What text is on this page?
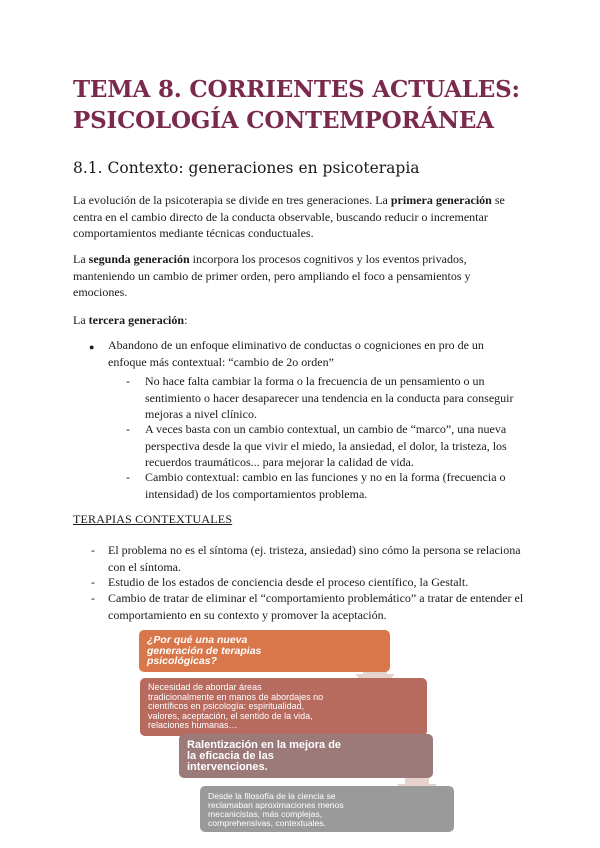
TEMA 8. CORRIENTES ACTUALES:
PSICOLOGÍA CONTEMPORÁNEA
8.1. Contexto: generaciones en psicoterapia

La evolución de la psicoterapia se divide en tres generaciones. La primera generación se
centra en el cambio directo de la conducta observable, buscando reducir o incrementar
comportamientos mediante técnicas conductuales.

La segunda generación incorpora los procesos cognitivos y los eventos privados,
manteniendo un cambio de primer orden, pero ampliando el foco a pensamientos y
emociones.

La tercera generación:

● Abandono de un enfoque eliminativo de conductas o cogniciones en pro de un
enfoque más contextual: “cambio de 2o orden”

- No hace falta cambiar la forma o la frecuencia de un pensamiento o un
sentimiento o hacer desaparecer una tendencia en la conducta para conseguir
mejoras a nivel clínico.

- A veces basta con un cambio contextual, un cambio de “marco”, una nueva
perspectiva desde la que vivir el miedo, la ansiedad, el dolor, la tristeza, los
recuerdos traumáticos... para mejorar la calidad de vida.

- Cambio contextual: cambio en las funciones y no en la forma (frecuencia o
intensidad) de los comportamientos problema.

TERAPIAS CONTEXTUALES

- El problema no es el síntoma (ej. tristeza, ansiedad) sino cómo la persona se relaciona
con el síntoma.

- Estudio de los estados de conciencia desde el proceso científico, la Gestalt.

- Cambio de tratar de eliminar el “comportamiento problemático” a tratar de entender el
comportamiento en su contexto y promover la aceptación.

¿Por qué una nueva
generación de terapias
psicológicas?
Necesidad de abordar áreas
tradicionalmente en manos de abordajes no
científicos en psicología: espiritualidad,
valores, aceptación, el sentido de la vida,
relaciones humanas…
Ralentización en la mejora de
la eficacia de las
intervenciones.
Desde la filosofía de la ciencia se
reclamaban aproximaciones menos
mecanicistas, más complejas,
comprehensivas, contextuales.
